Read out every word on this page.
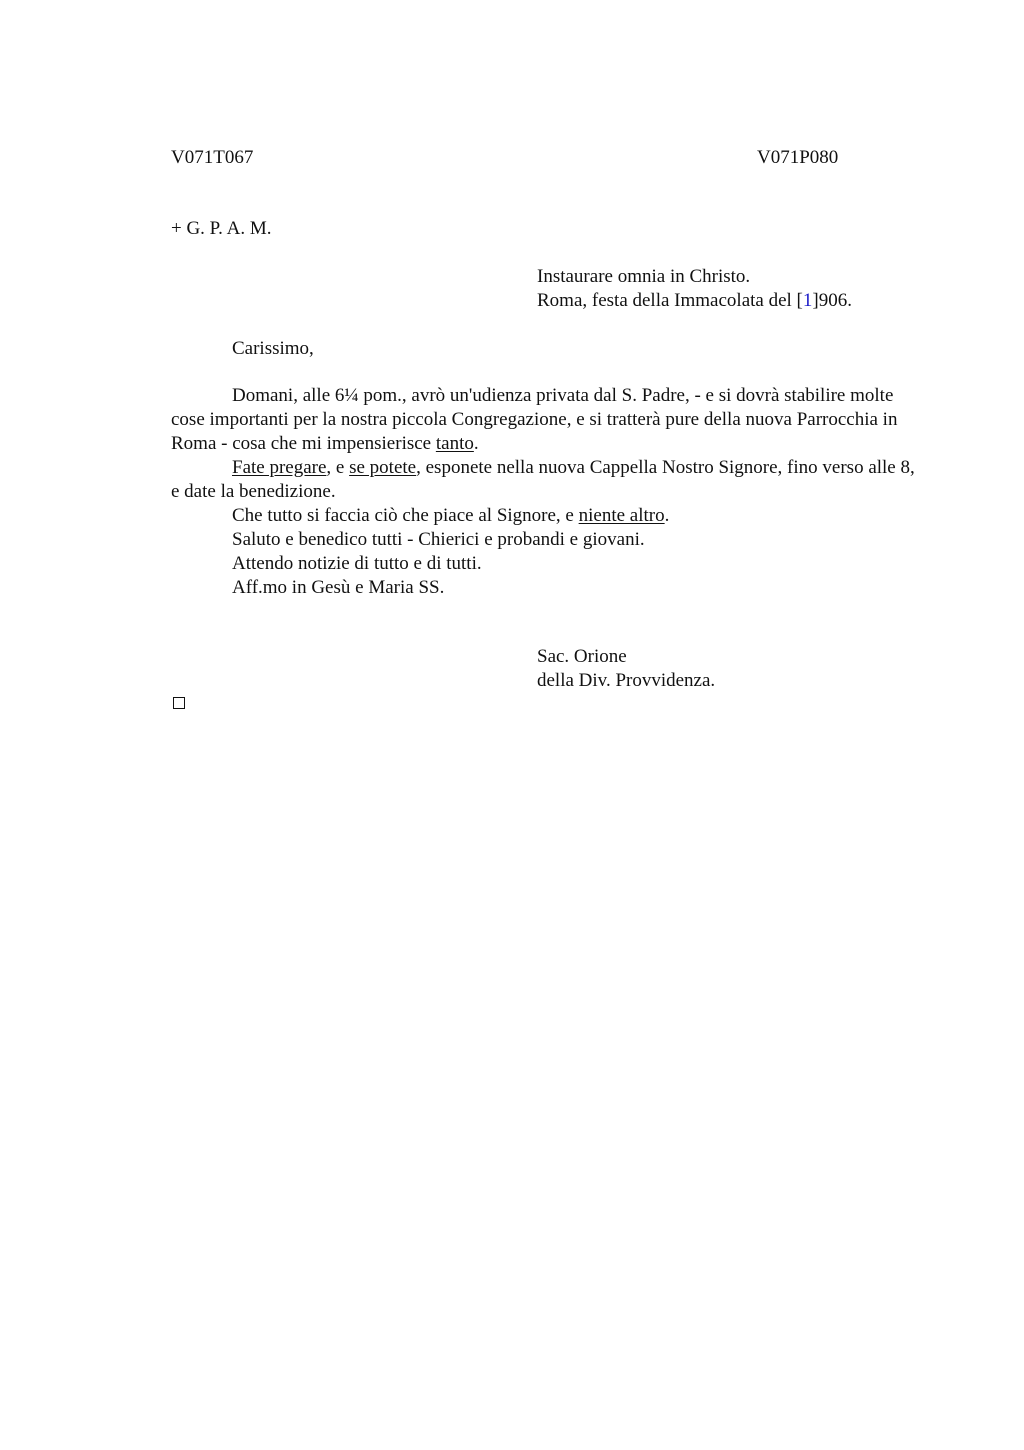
V071T067	V071P080
+ G. P. A. M.
Instaurare omnia in Christo.
Roma, festa della Immacolata del [1]906.
Carissimo,

Domani, alle 6¼ pom., avrò un'udienza privata dal S. Padre, - e si dovrà stabilire molte cose importanti per la nostra piccola Congregazione, e si tratterà pure della nuova Parrocchia in Roma - cosa che mi impensierisce tanto.

Fate pregare, e se potete, esponete nella nuova Cappella Nostro Signore, fino verso alle 8, e date la benedizione.

Che tutto si faccia ciò che piace al Signore, e niente altro.

Saluto e benedico tutti - Chierici e probandi e giovani.

Attendo notizie di tutto e di tutti.

Aff.mo in Gesù e Maria SS.

Sac. Orione
della Div. Provvidenza.
